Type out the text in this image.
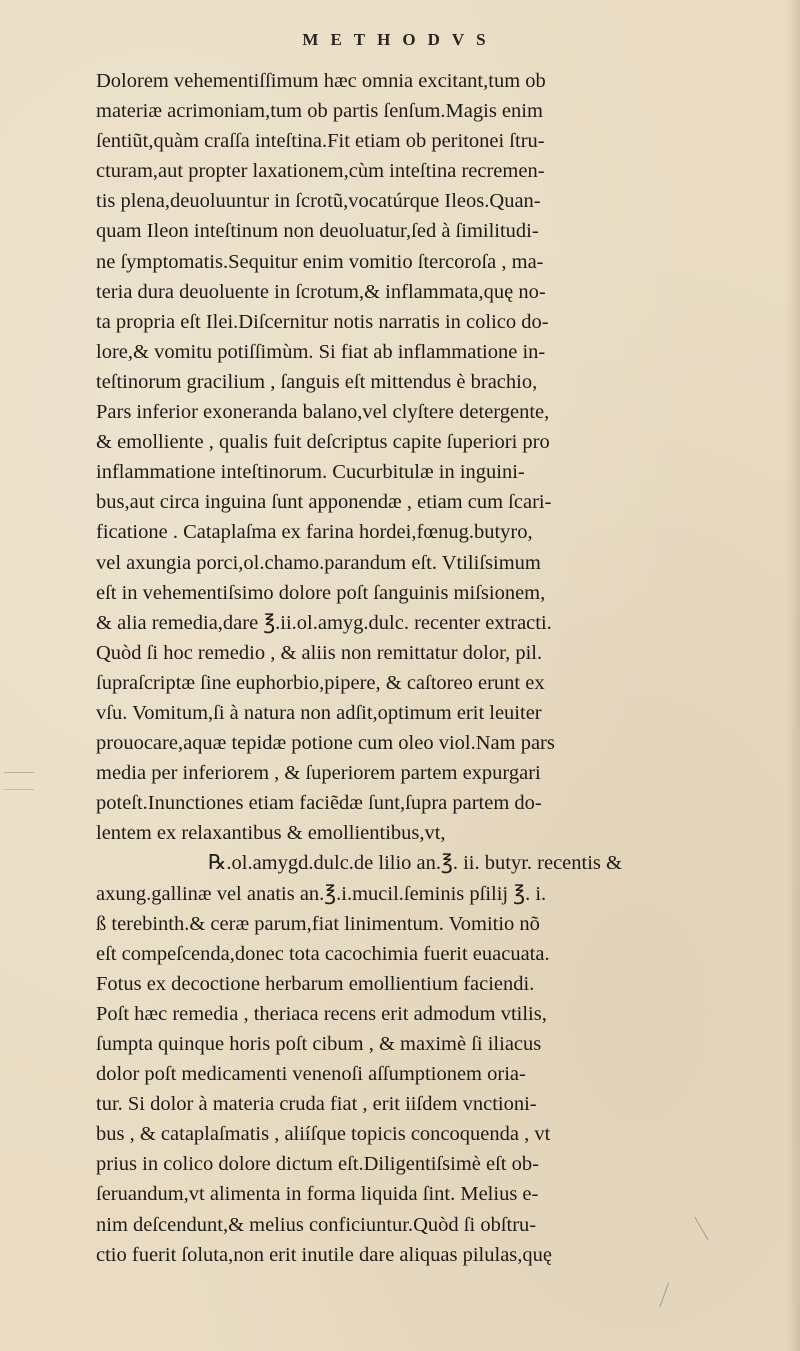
METHODVS
Dolorem vehementiſſimum hæc omnia excitant,tum ob
materiæ acrimoniam,tum ob partis ſenſum.Magis enim
ſentiũt,quàm craſſa inteſtina.Fit etiam ob peritonei ſtru-
cturam,aut propter laxationem,cùm inteſtina recremen-
tis plena,deuoluuntur in ſcrotũ,vocatúrque Ileos.Quan-
quam Ileon inteſtinum non deuoluatur,ſed à ſimilitudi-
ne ſymptomatis.Sequitur enim vomitio ſtercoroſa , ma-
teria dura deuoluente in ſcrotum,& inflammata,quę no-
ta propria eſt Ilei.Diſcernitur notis narratis in colico do-
lore,& vomitu potiſſimùm. Si fiat ab inflammatione in-
teſtinorum gracilium , ſanguis eſt mittendus è brachio,
Pars inferior exoneranda balano,vel clyſtere detergente,
& emolliente , qualis fuit deſcriptus capite ſuperiori pro
inflammatione inteſtinorum. Cucurbitulæ in inguini-
bus,aut circa inguina ſunt apponendæ , etiam cum ſcari-
ficatione . Cataplaſma ex farina hordei,fœnug.butyro,
vel axungia porci,ol.chamo.parandum eſt. Vtiliſsimum
eſt in vehementiſsimo dolore poſt ſanguinis miſsionem,
& alia remedia,dare ℥.ii.ol.amyg.dulc. recenter extracti.
Quòd ſi hoc remedio , & aliis non remittatur dolor, pil.
ſupraſcriptæ ſine euphorbio,pipere, & caſtoreo erunt ex
vſu. Vomitum,ſi à natura non adſit,optimum erit leuiter
prouocare,aquæ tepidæ potione cum oleo viol.Nam pars
media per inferiorem , & ſuperiorem partem expurgari
poteſt.Inunctiones etiam faciẽdæ ſunt,ſupra partem do-
lentem ex relaxantibus & emollientibus,vt,
℞.ol.amygd.dulc.de lilio an.℥. ii. butyr. recentis &
axung.gallinæ vel anatis an.℥.i.mucil.ſeminis pſilij ℥. i.
ß terebinth.& ceræ parum,fiat linimentum. Vomitio nõ
eſt compeſcenda,donec tota cacochimia fuerit euacuata.
Fotus ex decoctione herbarum emollientium faciendi.
Poſt hæc remedia , theriaca recens erit admodum vtilis,
ſumpta quinque horis poſt cibum , & maximè ſi iliacus
dolor poſt medicamenti venenoſi aſſumptionem oria-
tur. Si dolor à materia cruda fiat , erit iiſdem vnctioni-
bus , & cataplaſmatis , aliíſque topicis concoquenda , vt
prius in colico dolore dictum eſt.Diligentiſsimè eſt ob-
ſeruandum,vt alimenta in forma liquida ſint. Melius e-
nim deſcendunt,& melius conficiuntur.Quòd ſi obſtru-
ctio fuerit ſoluta,non erit inutile dare aliquas pilulas,quę
